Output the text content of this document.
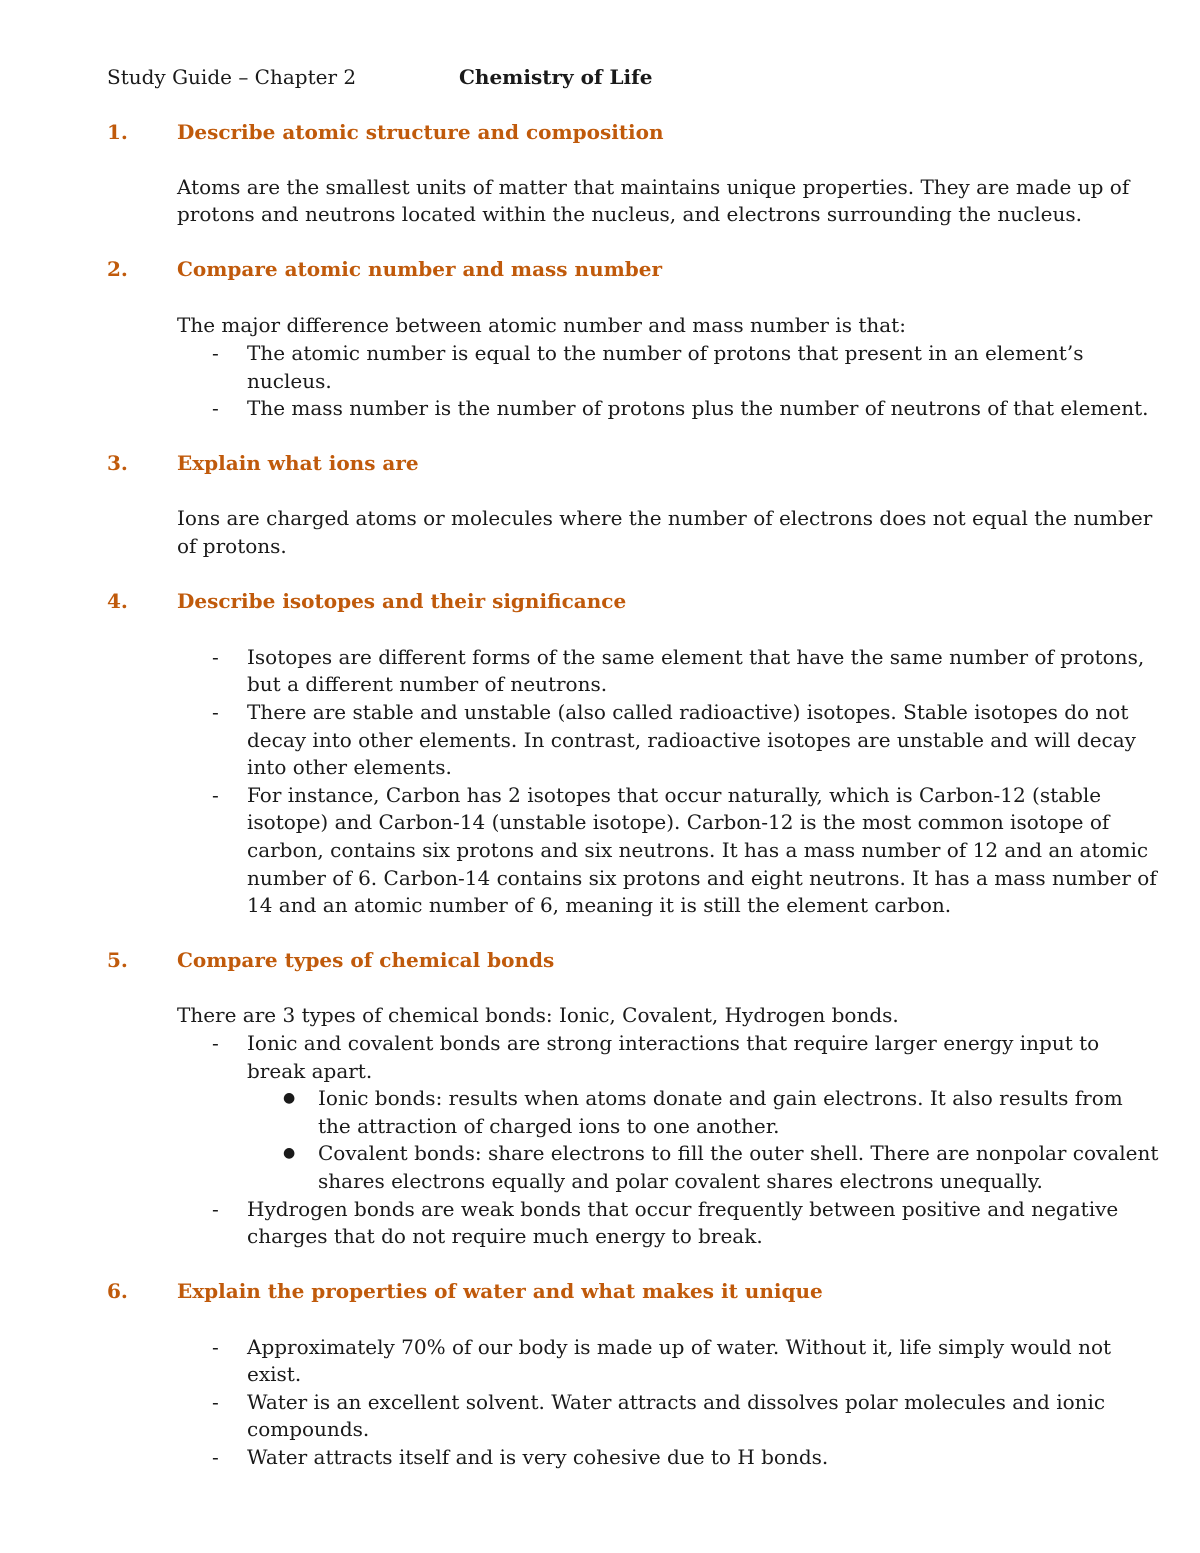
Study Guide – Chapter 2	Chemistry of Life
1. Describe atomic structure and composition
Atoms are the smallest units of matter that maintains unique properties. They are made up of
protons and neutrons located within the nucleus, and electrons surrounding the nucleus.
2. Compare atomic number and mass number
The major difference between atomic number and mass number is that:
- The atomic number is equal to the number of protons that present in an element’s
nucleus.
- The mass number is the number of protons plus the number of neutrons of that element.
3. Explain what ions are
Ions are charged atoms or molecules where the number of electrons does not equal the number
of protons.
4. Describe isotopes and their significance
- Isotopes are different forms of the same element that have the same number of protons,
but a different number of neutrons.
- There are stable and unstable (also called radioactive) isotopes. Stable isotopes do not
decay into other elements. In contrast, radioactive isotopes are unstable and will decay
into other elements.
- For instance, Carbon has 2 isotopes that occur naturally, which is Carbon-12 (stable
isotope) and Carbon-14 (unstable isotope). Carbon-12 is the most common isotope of
carbon, contains six protons and six neutrons. It has a mass number of 12 and an atomic
number of 6. Carbon-14 contains six protons and eight neutrons. It has a mass number of
14 and an atomic number of 6, meaning it is still the element carbon.
5. Compare types of chemical bonds
There are 3 types of chemical bonds: Ionic, Covalent, Hydrogen bonds.
- Ionic and covalent bonds are strong interactions that require larger energy input to
break apart.
● Ionic bonds: results when atoms donate and gain electrons. It also results from
the attraction of charged ions to one another.
● Covalent bonds: share electrons to fill the outer shell. There are nonpolar covalent
shares electrons equally and polar covalent shares electrons unequally.
- Hydrogen bonds are weak bonds that occur frequently between positive and negative
charges that do not require much energy to break.
6. Explain the properties of water and what makes it unique
- Approximately 70% of our body is made up of water. Without it, life simply would not
exist.
- Water is an excellent solvent. Water attracts and dissolves polar molecules and ionic
compounds.
- Water attracts itself and is very cohesive due to H bonds.
